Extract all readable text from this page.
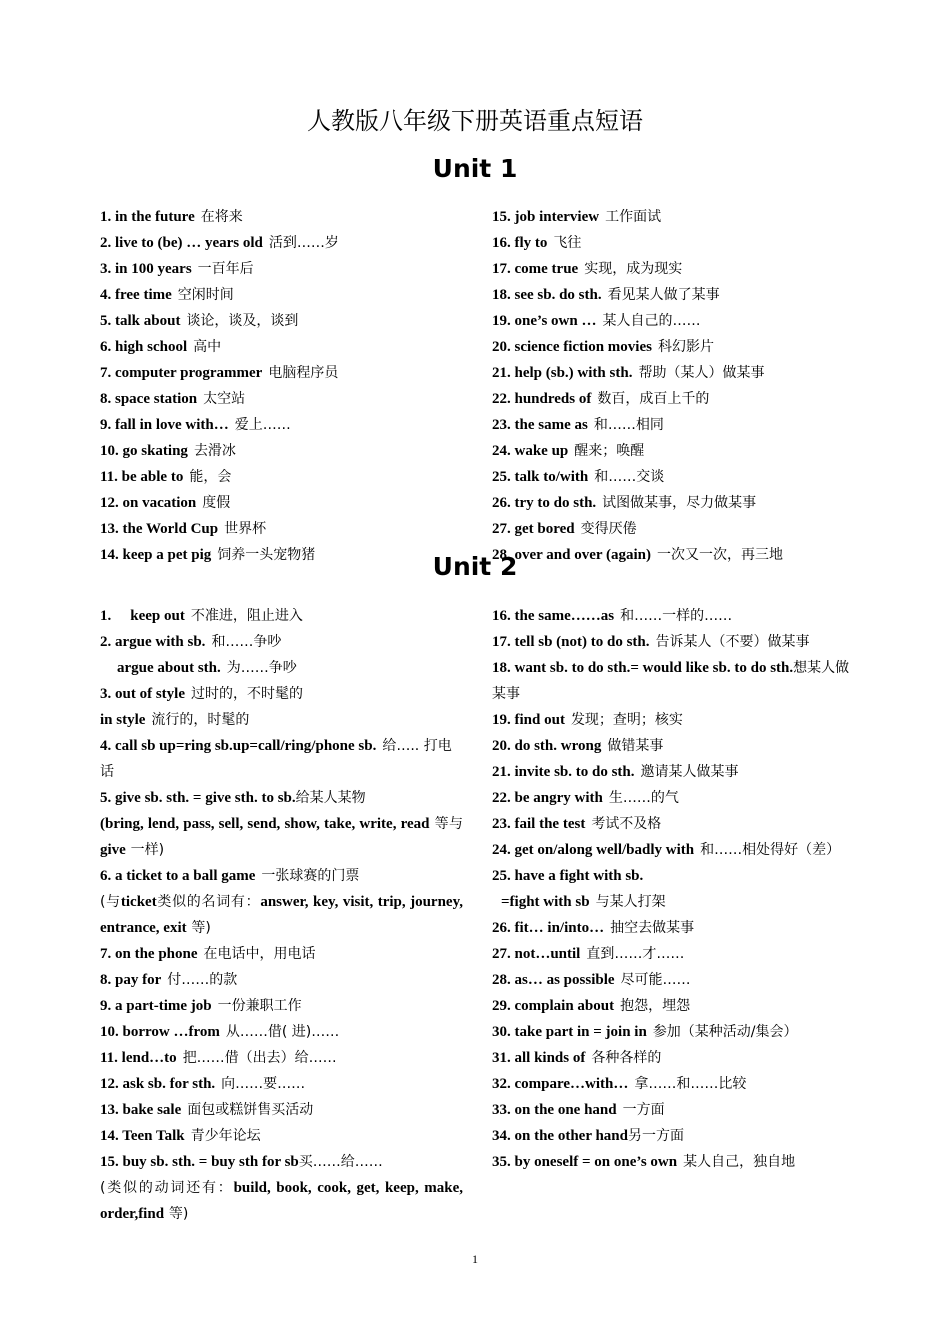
人教版八年级下册英语重点短语
Unit 1
1. in the future 在将来
2. live to (be) … years old 活到……岁
3. in 100 years 一百年后
4. free time 空闲时间
5. talk about 谈论，谈及，谈到
6. high school 高中
7. computer programmer 电脑程序员
8. space station 太空站
9. fall in love with… 爱上……
10. go skating 去滑冰
11. be able to 能，会
12. on vacation 度假
13. the World Cup 世界杯
14. keep a pet pig 饲养一头宠物猪
15. job interview 工作面试
16. fly to 飞往
17. come true 实现，成为现实
18. see sb. do sth. 看见某人做了某事
19. one’s own … 某人自己的……
20. science fiction movies 科幻影片
21. help (sb.) with sth. 帮助（某人）做某事
22. hundreds of 数百，成百上千的
23. the same as 和……相同
24. wake up 醒来；唤醒
25. talk to/with 和……交谈
26. try to do sth. 试图做某事，尽力做某事
27. get bored 变得厌倦
28. over and over (again) 一次又一次，再三地
Unit 2
1. keep out 不准进，阻止进入
2. argue with sb. 和……争吵
argue about sth. 为……争吵
3. out of style 过时的，不时髦的
in style 流行的，时髦的
4. call sb up=ring sb.up=call/ring/phone sb. 给….. 打电话
5. give sb. sth. = give sth. to sb.给某人某物
(bring, lend, pass, sell, send, show, take, write, read 等与 give 一样)
6. a ticket to a ball game 一张球赛的门票
(与ticket类似的名词有：answer, key, visit, trip, journey, entrance, exit 等)
7. on the phone 在电话中，用电话
8. pay for 付……的款
9. a part-time job 一份兼职工作
10. borrow …from 从……借( 进)……
11. lend…to 把……借（出去）给……
12. ask sb. for sth. 向……要……
13. bake sale 面包或糕饼售买活动
14. Teen Talk 青少年论坛
15. buy sb. sth. = buy sth for sb买……给……
(类似的动词还有：build, book, cook, get, keep, make, order,find 等)
16. the same……as 和……一样的……
17. tell sb (not) to do sth. 告诉某人（不要）做某事
18. want sb. to do sth.= would like sb. to do sth.想某人做某事
19. find out 发现；查明；核实
20. do sth. wrong 做错某事
21. invite sb. to do sth. 邀请某人做某事
22. be angry with 生……的气
23. fail the test 考试不及格
24. get on/along well/badly with 和……相处得好（差）
25. have a fight with sb.
=fight with sb 与某人打架
26. fit… in/into… 抽空去做某事
27. not…until 直到……才……
28. as… as possible 尽可能……
29. complain about 抱怨，埋怨
30. take part in = join in 参加（某种活动/集会）
31. all kinds of 各种各样的
32. compare…with… 拿……和……比较
33. on the one hand 一方面
34. on the other hand另一方面
35. by oneself = on one’s own 某人自己，独自地
1
